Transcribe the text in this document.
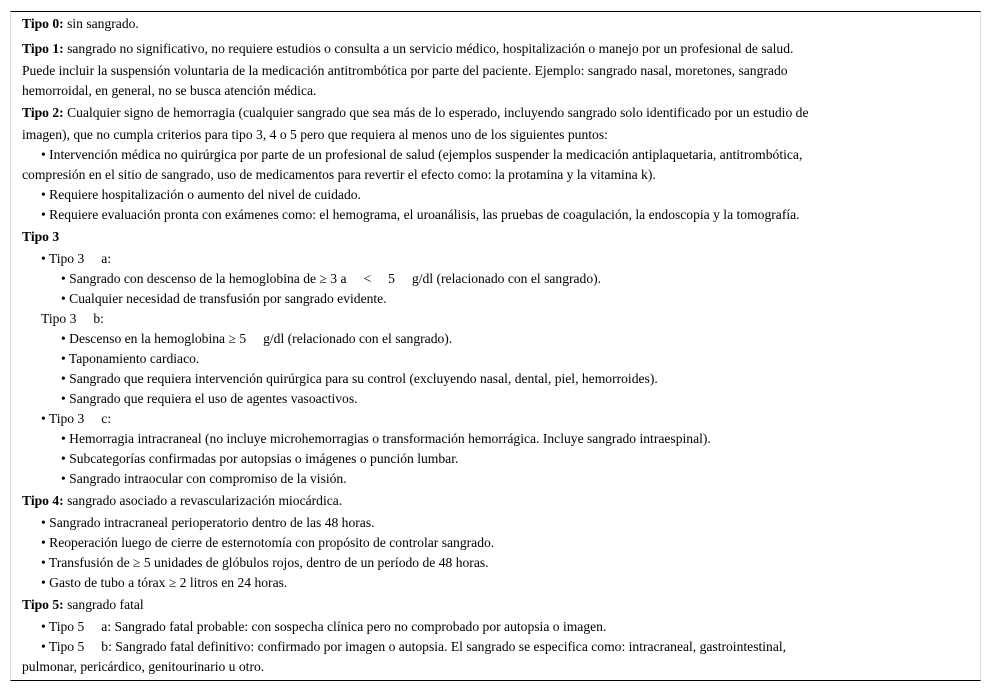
Tipo 0: sin sangrado.
Tipo 1: sangrado no significativo, no requiere estudios o consulta a un servicio médico, hospitalización o manejo por un profesional de salud.
Puede incluir la suspensión voluntaria de la medicación antitrombótica por parte del paciente. Ejemplo: sangrado nasal, moretones, sangrado
hemorroidal, en general, no se busca atención médica.
Tipo 2: Cualquier signo de hemorragia (cualquier sangrado que sea más de lo esperado, incluyendo sangrado solo identificado por un estudio de
imagen), que no cumpla criterios para tipo 3, 4 o 5 pero que requiera al menos uno de los siguientes puntos:
• Intervención médica no quirúrgica por parte de un profesional de salud (ejemplos suspender la medicación antiplaquetaria, antitrombótica,
compresión en el sitio de sangrado, uso de medicamentos para revertir el efecto como: la protamina y la vitamina k).
• Requiere hospitalización o aumento del nivel de cuidado.
• Requiere evaluación pronta con exámenes como: el hemograma, el uroanálisis, las pruebas de coagulación, la endoscopia y la tomografía.
Tipo 3
• Tipo 3     a:
• Sangrado con descenso de la hemoglobina de ≥ 3 a     <     5     g/dl (relacionado con el sangrado).
• Cualquier necesidad de transfusión por sangrado evidente.
Tipo 3     b:
• Descenso en la hemoglobina ≥ 5     g/dl (relacionado con el sangrado).
• Taponamiento cardiaco.
• Sangrado que requiera intervención quirúrgica para su control (excluyendo nasal, dental, piel, hemorroides).
• Sangrado que requiera el uso de agentes vasoactivos.
• Tipo 3     c:
• Hemorragia intracraneal (no incluye microhemorragias o transformación hemorrágica. Incluye sangrado intraespinal).
• Subcategorías confirmadas por autopsias o imágenes o punción lumbar.
• Sangrado intraocular con compromiso de la visión.
Tipo 4: sangrado asociado a revascularización miocárdica.
• Sangrado intracraneal perioperatorio dentro de las 48 horas.
• Reoperación luego de cierre de esternotomía con propósito de controlar sangrado.
• Transfusión de ≥ 5 unidades de glóbulos rojos, dentro de un período de 48 horas.
• Gasto de tubo a tórax ≥ 2 litros en 24 horas.
Tipo 5: sangrado fatal
• Tipo 5     a: Sangrado fatal probable: con sospecha clínica pero no comprobado por autopsia o imagen.
• Tipo 5     b: Sangrado fatal definitivo: confirmado por imagen o autopsia. El sangrado se especifica como: intracraneal, gastrointestinal,
pulmonar, pericárdico, genitourinario u otro.
